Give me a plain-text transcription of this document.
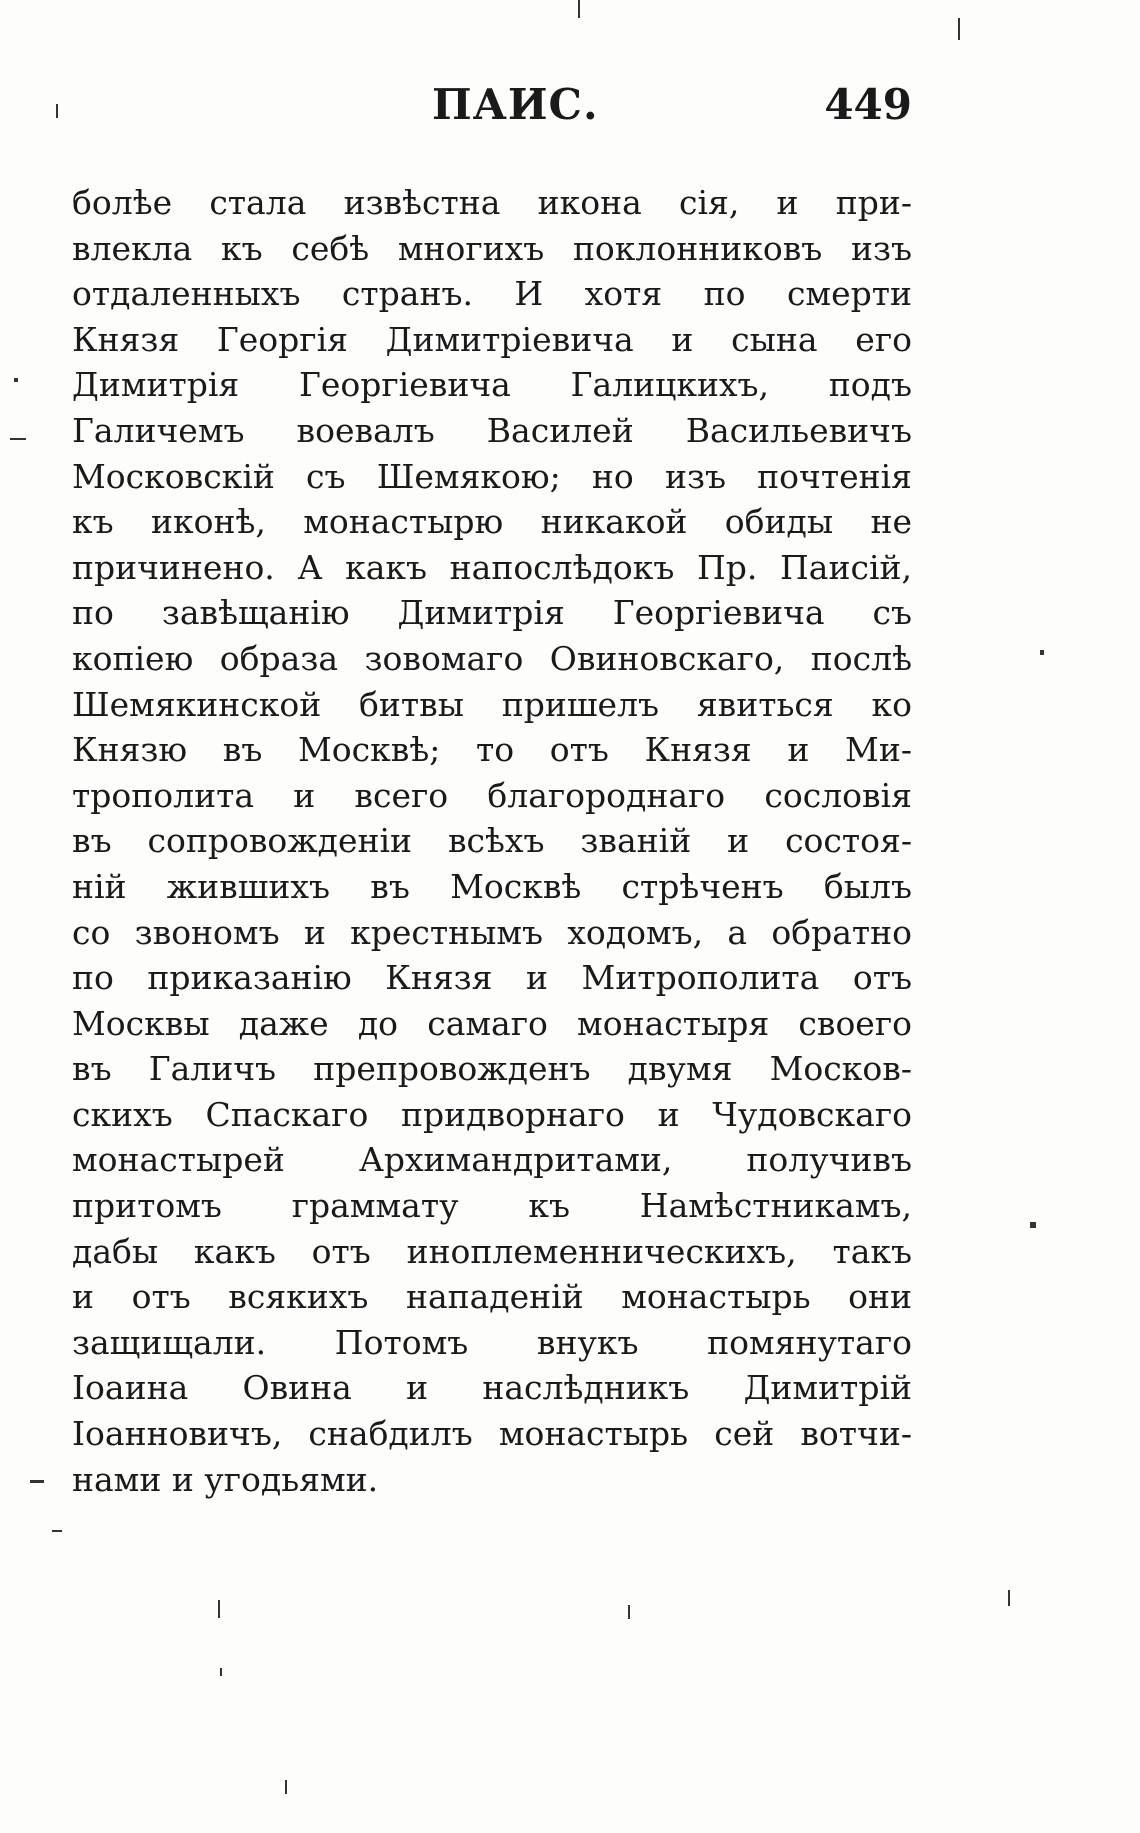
ПАИС.	449
болѣе стала извѣстна икона сія, и при-
влекла къ себѣ многихъ поклонниковъ изъ
отдаленныхъ странъ. И хотя по смерти
Князя Георгія Димитріевича и сына его
Димитрія Георгіевича Галицкихъ, подъ
Галичемъ воевалъ Василей Васильевичъ
Московскій съ Шемякою; но изъ почтенія
къ иконѣ, монастырю никакой обиды не
причинено. А какъ напослѣдокъ Пр. Паисій,
по завѣщанію Димитрія Георгіевича съ
копіею образа зовомаго Овиновскаго, послѣ
Шемякинской битвы пришелъ явиться ко
Князю въ Москвѣ; то отъ Князя и Ми-
трополита и всего благороднаго сословія
въ сопровожденіи всѣхъ званій и состоя-
ній жившихъ въ Москвѣ стрѣченъ былъ
со звономъ и крестнымъ ходомъ, а обратно
по приказанію Князя и Митрополита отъ
Москвы даже до самаго монастыря своего
въ Галичъ препровожденъ двумя Москов-
скихъ Спаскаго придворнаго и Чудовскаго
монастырей Архимандритами, получивъ
притомъ граммату къ Намѣстникамъ,
дабы какъ отъ иноплеменническихъ, такъ
и отъ всякихъ нападеній монастырь они
защищали. Потомъ внукъ помянутаго
Іоаина Овина и наслѣдникъ Димитрій
Іоанновичъ, снабдилъ монастырь сей вотчи-
нами и угодьями.
